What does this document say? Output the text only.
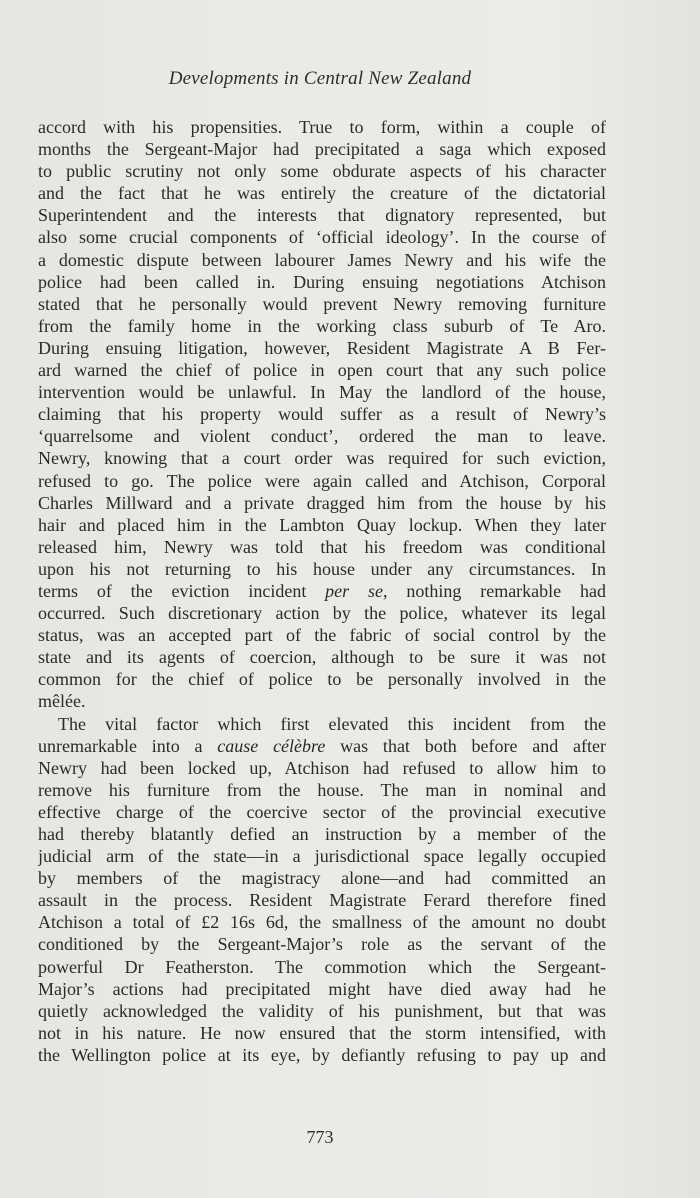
Developments in Central New Zealand
accord with his propensities. True to form, within a couple of
months the Sergeant-Major had precipitated a saga which exposed
to public scrutiny not only some obdurate aspects of his character
and the fact that he was entirely the creature of the dictatorial
Superintendent and the interests that dignatory represented, but
also some crucial components of ‘official ideology’. In the course of
a domestic dispute between labourer James Newry and his wife the
police had been called in. During ensuing negotiations Atchison
stated that he personally would prevent Newry removing furniture
from the family home in the working class suburb of Te Aro.
During ensuing litigation, however, Resident Magistrate A B Fer-
ard warned the chief of police in open court that any such police
intervention would be unlawful. In May the landlord of the house,
claiming that his property would suffer as a result of Newry’s
‘quarrelsome and violent conduct’, ordered the man to leave.
Newry, knowing that a court order was required for such eviction,
refused to go. The police were again called and Atchison, Corporal
Charles Millward and a private dragged him from the house by his
hair and placed him in the Lambton Quay lockup. When they later
released him, Newry was told that his freedom was conditional
upon his not returning to his house under any circumstances. In
terms of the eviction incident per se, nothing remarkable had
occurred. Such discretionary action by the police, whatever its legal
status, was an accepted part of the fabric of social control by the
state and its agents of coercion, although to be sure it was not
common for the chief of police to be personally involved in the
mêlée.
The vital factor which first elevated this incident from the
unremarkable into a cause célèbre was that both before and after
Newry had been locked up, Atchison had refused to allow him to
remove his furniture from the house. The man in nominal and
effective charge of the coercive sector of the provincial executive
had thereby blatantly defied an instruction by a member of the
judicial arm of the state—in a jurisdictional space legally occupied
by members of the magistracy alone—and had committed an
assault in the process. Resident Magistrate Ferard therefore fined
Atchison a total of £2 16s 6d, the smallness of the amount no doubt
conditioned by the Sergeant-Major’s role as the servant of the
powerful Dr Featherston. The commotion which the Sergeant-
Major’s actions had precipitated might have died away had he
quietly acknowledged the validity of his punishment, but that was
not in his nature. He now ensured that the storm intensified, with
the Wellington police at its eye, by defiantly refusing to pay up and
773
